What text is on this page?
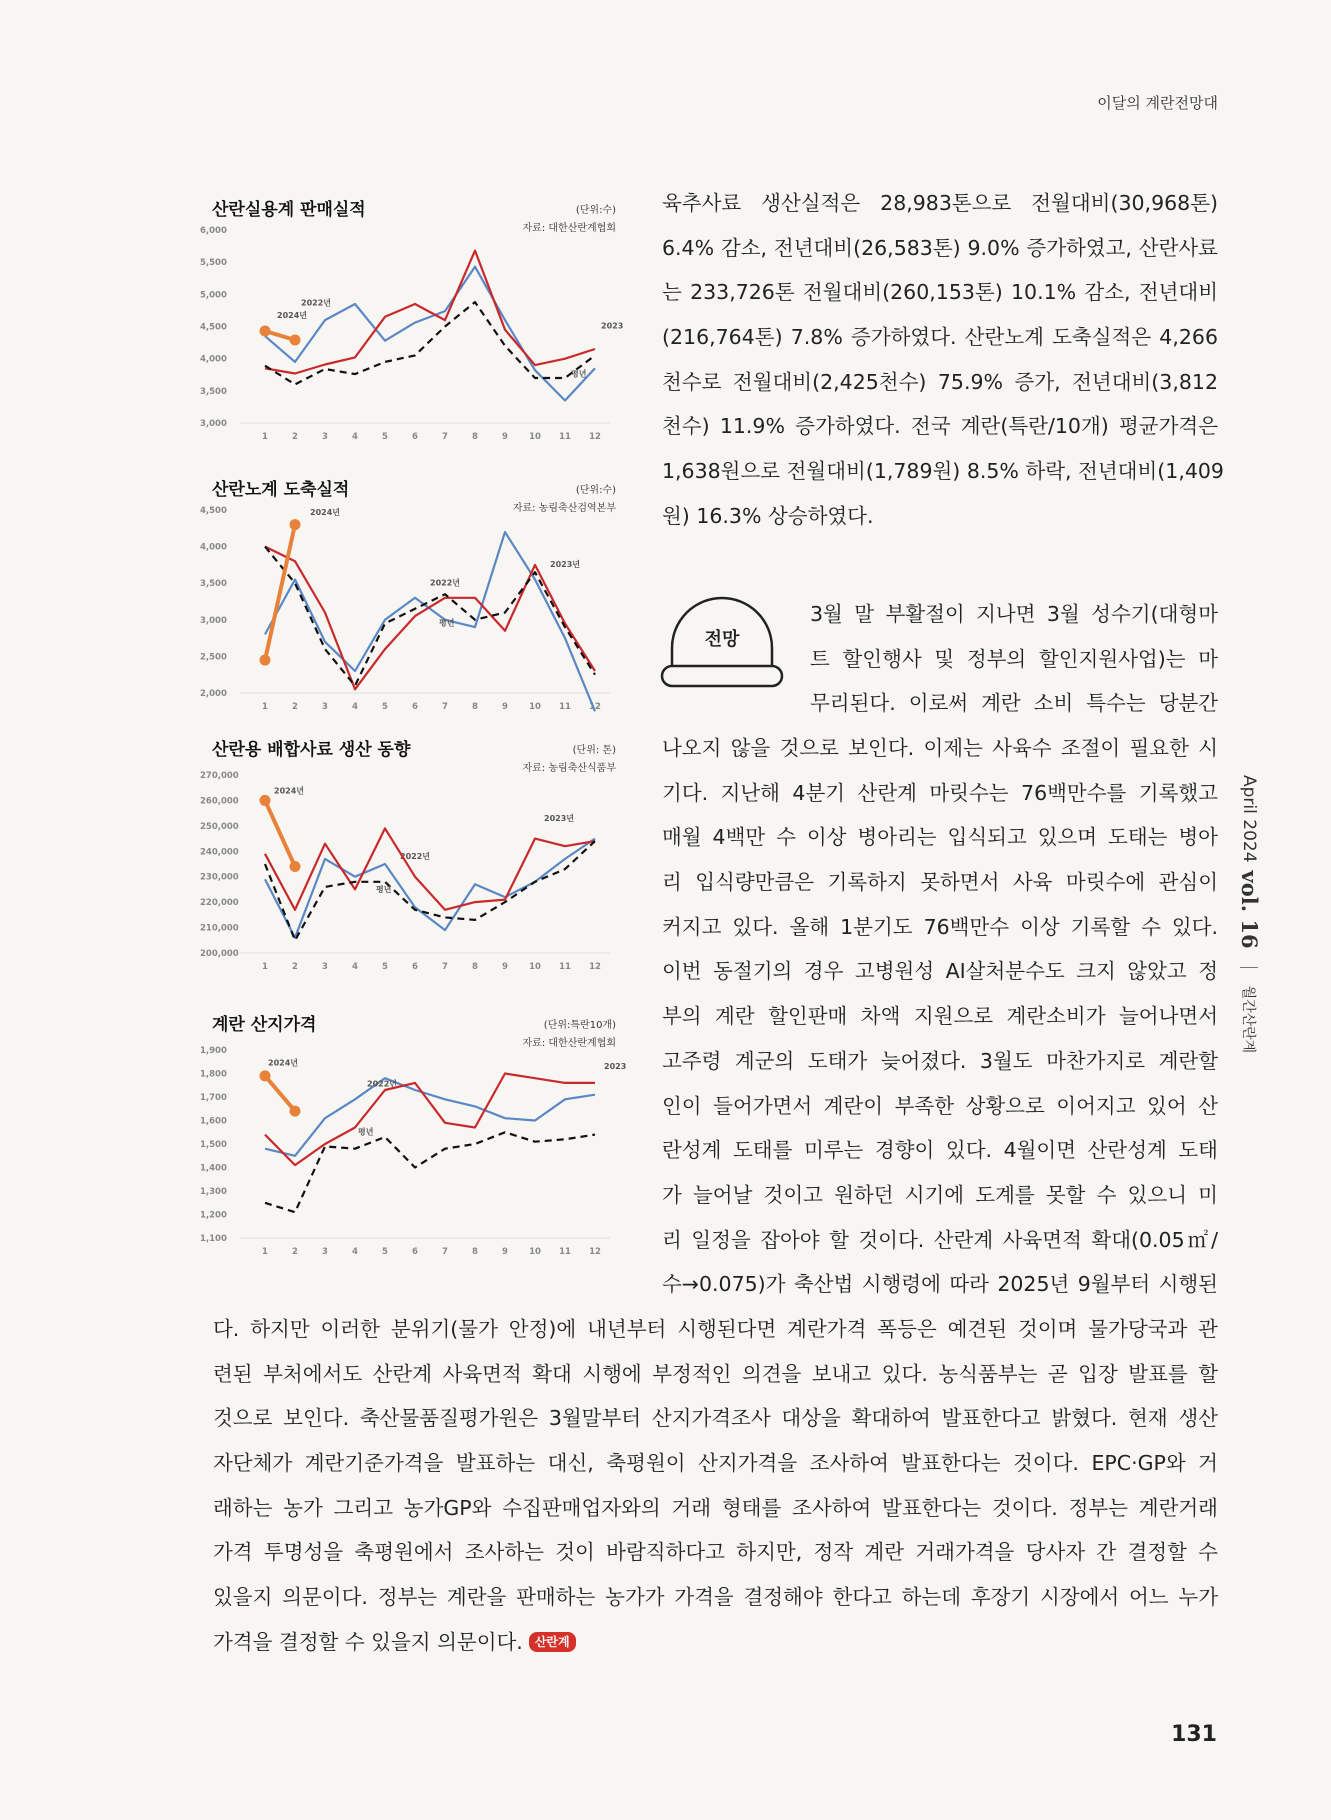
이달의 계란전망대
April 2024
vol. 16
월간산란계
산란실용계 판매실적	(단위:수)
자료: 대한산란계협회
3,000
3,500
4,000
4,500
5,000
5,500
6,000
1	2	3	4	5	6	7	8	9 10 11 12
2022년
2023
평년
2024년
산란노계 도축실적	(단위:수)
자료: 농림축산검역본부
2,000
2,500
3,000
3,500
4,000
4,500
1	2	3	4	5	6	7	8	9 10 11 12
2022년
2023년
평년
2024년
산란용 배합사료 생산 동향	(단위: 톤)
자료: 농림축산식품부
200,000
210,000
220,000
230,000
240,000
250,000
260,000
270,000
1	2	3	4	5	6	7	8	9 10 11 12
2022년
2023년
평년
2024년
계란 산지가격	(단위:특란10개)
자료: 대한산란계협회
1,100
1,200
1,300
1,400
1,500
1,600
1,700
1,800
1,900
1	2	3	4	5	6	7	8	9 10 11 12
2022년
2023
평년
2024년
육추사료 생산실적은 28,983톤으로 전월대비(30,968톤)
6.4% 감소, 전년대비(26,583톤) 9.0% 증가하였고, 산란사료
는 233,726톤 전월대비(260,153톤) 10.1% 감소, 전년대비
(216,764톤) 7.8% 증가하였다. 산란노계 도축실적은 4,266
천수로 전월대비(2,425천수) 75.9% 증가, 전년대비(3,812
천수) 11.9% 증가하였다. 전국 계란(특란/10개) 평균가격은
1,638원으로 전월대비(1,789원) 8.5% 하락, 전년대비(1,409
원) 16.3% 상승하였다.
전망
3월 말 부활절이 지나면 3월 성수기(대형마
트 할인행사 및 정부의 할인지원사업)는 마
무리된다. 이로써 계란 소비 특수는 당분간
나오지 않을 것으로 보인다. 이제는 사육수 조절이 필요한 시
기다. 지난해 4분기 산란계 마릿수는 76백만수를 기록했고
매월 4백만 수 이상 병아리는 입식되고 있으며 도태는 병아
리 입식량만큼은 기록하지 못하면서 사육 마릿수에 관심이
커지고 있다. 올해 1분기도 76백만수 이상 기록할 수 있다.
이번 동절기의 경우 고병원성 AI살처분수도 크지 않았고 정
부의 계란 할인판매 차액 지원으로 계란소비가 늘어나면서
고주령 계군의 도태가 늦어졌다. 3월도 마찬가지로 계란할
인이 들어가면서 계란이 부족한 상황으로 이어지고 있어 산
란성계 도태를 미루는 경향이 있다. 4월이면 산란성계 도태
가 늘어날 것이고 원하던 시기에 도계를 못할 수 있으니 미
리 일정을 잡아야 할 것이다. 산란계 사육면적 확대(0.05㎡/
수→0.075)가 축산법 시행령에 따라 2025년 9월부터 시행된
다. 하지만 이러한 분위기(물가 안정)에 내년부터 시행된다면 계란가격 폭등은 예견된 것이며 물가당국과 관
련된 부처에서도 산란계 사육면적 확대 시행에 부정적인 의견을 보내고 있다. 농식품부는 곧 입장 발표를 할
것으로 보인다. 축산물품질평가원은 3월말부터 산지가격조사 대상을 확대하여 발표한다고 밝혔다. 현재 생산
자단체가 계란기준가격을 발표하는 대신, 축평원이 산지가격을 조사하여 발표한다는 것이다. EPC·GP와 거
래하는 농가 그리고 농가GP와 수집판매업자와의 거래 형태를 조사하여 발표한다는 것이다. 정부는 계란거래
가격 투명성을 축평원에서 조사하는 것이 바람직하다고 하지만, 정작 계란 거래가격을 당사자 간 결정할 수
있을지 의문이다. 정부는 계란을 판매하는 농가가 가격을 결정해야 한다고 하는데 후장기 시장에서 어느 누가
가격을 결정할 수 있을지 의문이다. 산란계
131
